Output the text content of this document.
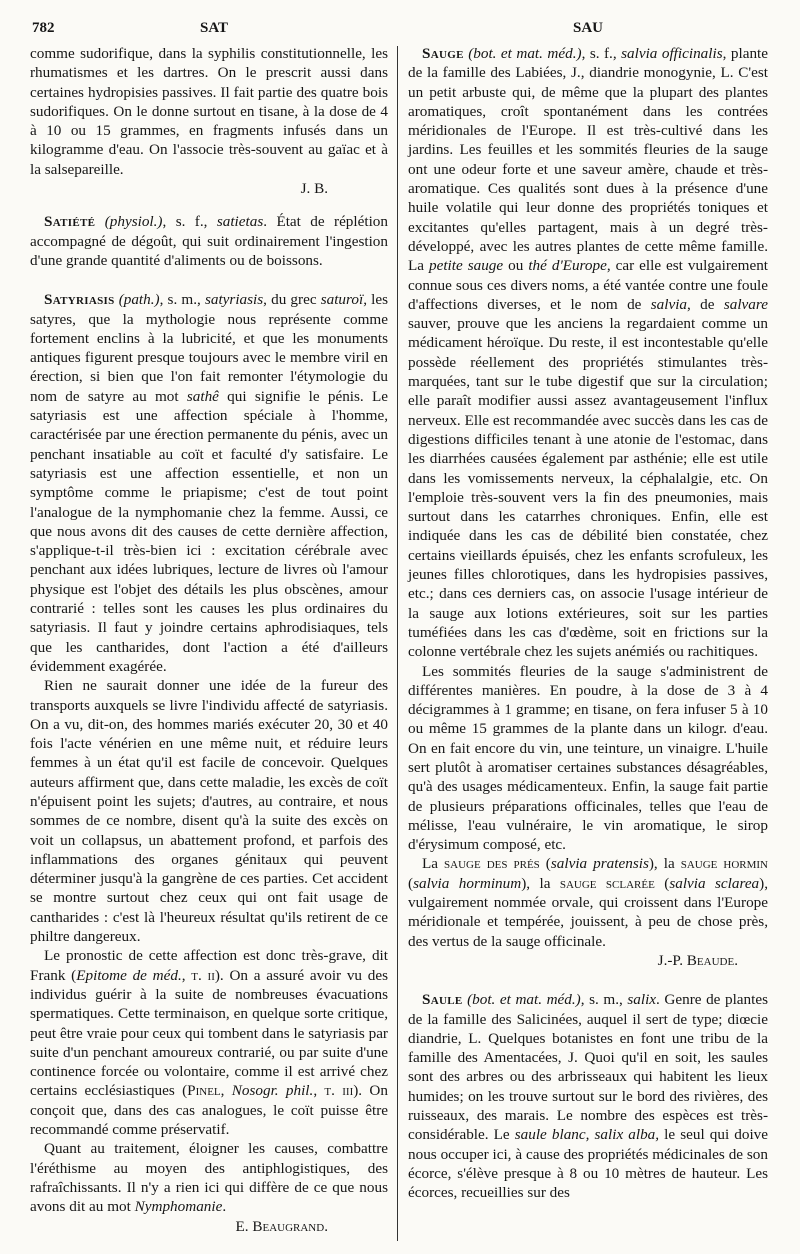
782	SAT	SAU

comme sudorifique, dans la syphilis constitutionnelle, les rhumatismes et les dartres. On le prescrit aussi dans certaines hydropisies passives. Il fait partie des quatre bois sudorifiques. On le donne surtout en tisane, à la dose de 4 à 10 ou 15 grammes, en fragments infusés dans un kilogramme d'eau. On l'associe très-souvent au gaïac et à la salsepareille.

J. B.

Satiété (physiol.), s. f., satietas. État de réplétion accompagné de dégoût, qui suit ordinairement l'ingestion d'une grande quantité d'aliments ou de boissons.

Satyriasis (path.), s. m., satyriasis, du grec saturoï, les satyres, que la mythologie nous représente comme fortement enclins à la lubricité, et que les monuments antiques figurent presque toujours avec le membre viril en érection, si bien que l'on fait remonter l'étymologie du nom de satyre au mot sathê qui signifie le pénis. Le satyriasis est une affection spéciale à l'homme, caractérisée par une érection permanente du pénis, avec un penchant insatiable au coït et faculté d'y satisfaire. Le satyriasis est une affection essentielle, et non un symptôme comme le priapisme; c'est de tout point l'analogue de la nymphomanie chez la femme. Aussi, ce que nous avons dit des causes de cette dernière affection, s'applique-t-il très-bien ici : excitation cérébrale avec penchant aux idées lubriques, lecture de livres où l'amour physique est l'objet des détails les plus obscènes, amour contrarié : telles sont les causes les plus ordinaires du satyriasis. Il faut y joindre certains aphrodisiaques, tels que les cantharides, dont l'action a été d'ailleurs évidemment exagérée.

Rien ne saurait donner une idée de la fureur des transports auxquels se livre l'individu affecté de satyriasis. On a vu, dit-on, des hommes mariés exécuter 20, 30 et 40 fois l'acte vénérien en une même nuit, et réduire leurs femmes à un état qu'il est facile de concevoir. Quelques auteurs affirment que, dans cette maladie, les excès de coït n'épuisent point les sujets; d'autres, au contraire, et nous sommes de ce nombre, disent qu'à la suite des excès on voit un collapsus, un abattement profond, et parfois des inflammations des organes génitaux qui peuvent déterminer jusqu'à la gangrène de ces parties. Cet accident se montre surtout chez ceux qui ont fait usage de cantharides : c'est là l'heureux résultat qu'ils retirent de ce philtre dangereux.

Le pronostic de cette affection est donc très-grave, dit Frank (Epitome de méd., t. ii). On a assuré avoir vu des individus guérir à la suite de nombreuses évacuations spermatiques. Cette terminaison, en quelque sorte critique, peut être vraie pour ceux qui tombent dans le satyriasis par suite d'un penchant amoureux contrarié, ou par suite d'une continence forcée ou volontaire, comme il est arrivé chez certains ecclésiastiques (Pinel, Nosogr. phil., t. iii). On conçoit que, dans des cas analogues, le coït puisse être recommandé comme préservatif.

Quant au traitement, éloigner les causes, combattre l'éréthisme au moyen des antiphlogistiques, des rafraîchissants. Il n'y a rien ici qui diffère de ce que nous avons dit au mot Nymphomanie.

E. Beaugrand.

Sauge (bot. et mat. méd.), s. f., salvia officinalis, plante de la famille des Labiées, J., diandrie monogynie, L. C'est un petit arbuste qui, de même que la plupart des plantes aromatiques, croît spontanément dans les contrées méridionales de l'Europe. Il est très-cultivé dans les jardins. Les feuilles et les sommités fleuries de la sauge ont une odeur forte et une saveur amère, chaude et très-aromatique. Ces qualités sont dues à la présence d'une huile volatile qui leur donne des propriétés toniques et excitantes qu'elles partagent, mais à un degré très-développé, avec les autres plantes de cette même famille. La petite sauge ou thé d'Europe, car elle est vulgairement connue sous ces divers noms, a été vantée contre une foule d'affections diverses, et le nom de salvia, de salvare sauver, prouve que les anciens la regardaient comme un médicament héroïque. Du reste, il est incontestable qu'elle possède réellement des propriétés stimulantes très-marquées, tant sur le tube digestif que sur la circulation; elle paraît modifier aussi assez avantageusement l'influx nerveux. Elle est recommandée avec succès dans les cas de digestions difficiles tenant à une atonie de l'estomac, dans les diarrhées causées également par asthénie; elle est utile dans les vomissements nerveux, la céphalalgie, etc. On l'emploie très-souvent vers la fin des pneumonies, mais surtout dans les catarrhes chroniques. Enfin, elle est indiquée dans les cas de débilité bien constatée, chez certains vieillards épuisés, chez les enfants scrofuleux, les jeunes filles chlorotiques, dans les hydropisies passives, etc.; dans ces derniers cas, on associe l'usage intérieur de la sauge aux lotions extérieures, soit sur les parties tuméfiées dans les cas d'œdème, soit en frictions sur la colonne vertébrale chez les sujets anémiés ou rachitiques.

Les sommités fleuries de la sauge s'administrent de différentes manières. En poudre, à la dose de 3 à 4 décigrammes à 1 gramme; en tisane, on fera infuser 5 à 10 ou même 15 grammes de la plante dans un kilogr. d'eau. On en fait encore du vin, une teinture, un vinaigre. L'huile sert plutôt à aromatiser certaines substances désagréables, qu'à des usages médicamenteux. Enfin, la sauge fait partie de plusieurs préparations officinales, telles que l'eau de mélisse, l'eau vulnéraire, le vin aromatique, le sirop d'érysimum composé, etc.

La sauge des prés (salvia pratensis), la sauge hormin (salvia horminum), la sauge sclarée (salvia sclarea), vulgairement nommée orvale, qui croissent dans l'Europe méridionale et tempérée, jouissent, à peu de chose près, des vertus de la sauge officinale.

J.-P. Beaude.

Saule (bot. et mat. méd.), s. m., salix. Genre de plantes de la famille des Salicinées, auquel il sert de type; diœcie diandrie, L. Quelques botanistes en font une tribu de la famille des Amentacées, J. Quoi qu'il en soit, les saules sont des arbres ou des arbrisseaux qui habitent les lieux humides; on les trouve surtout sur le bord des rivières, des ruisseaux, des marais. Le nombre des espèces est très-considérable. Le saule blanc, salix alba, le seul qui doive nous occuper ici, à cause des propriétés médicinales de son écorce, s'élève presque à 8 ou 10 mètres de hauteur. Les écorces, recueillies sur des
